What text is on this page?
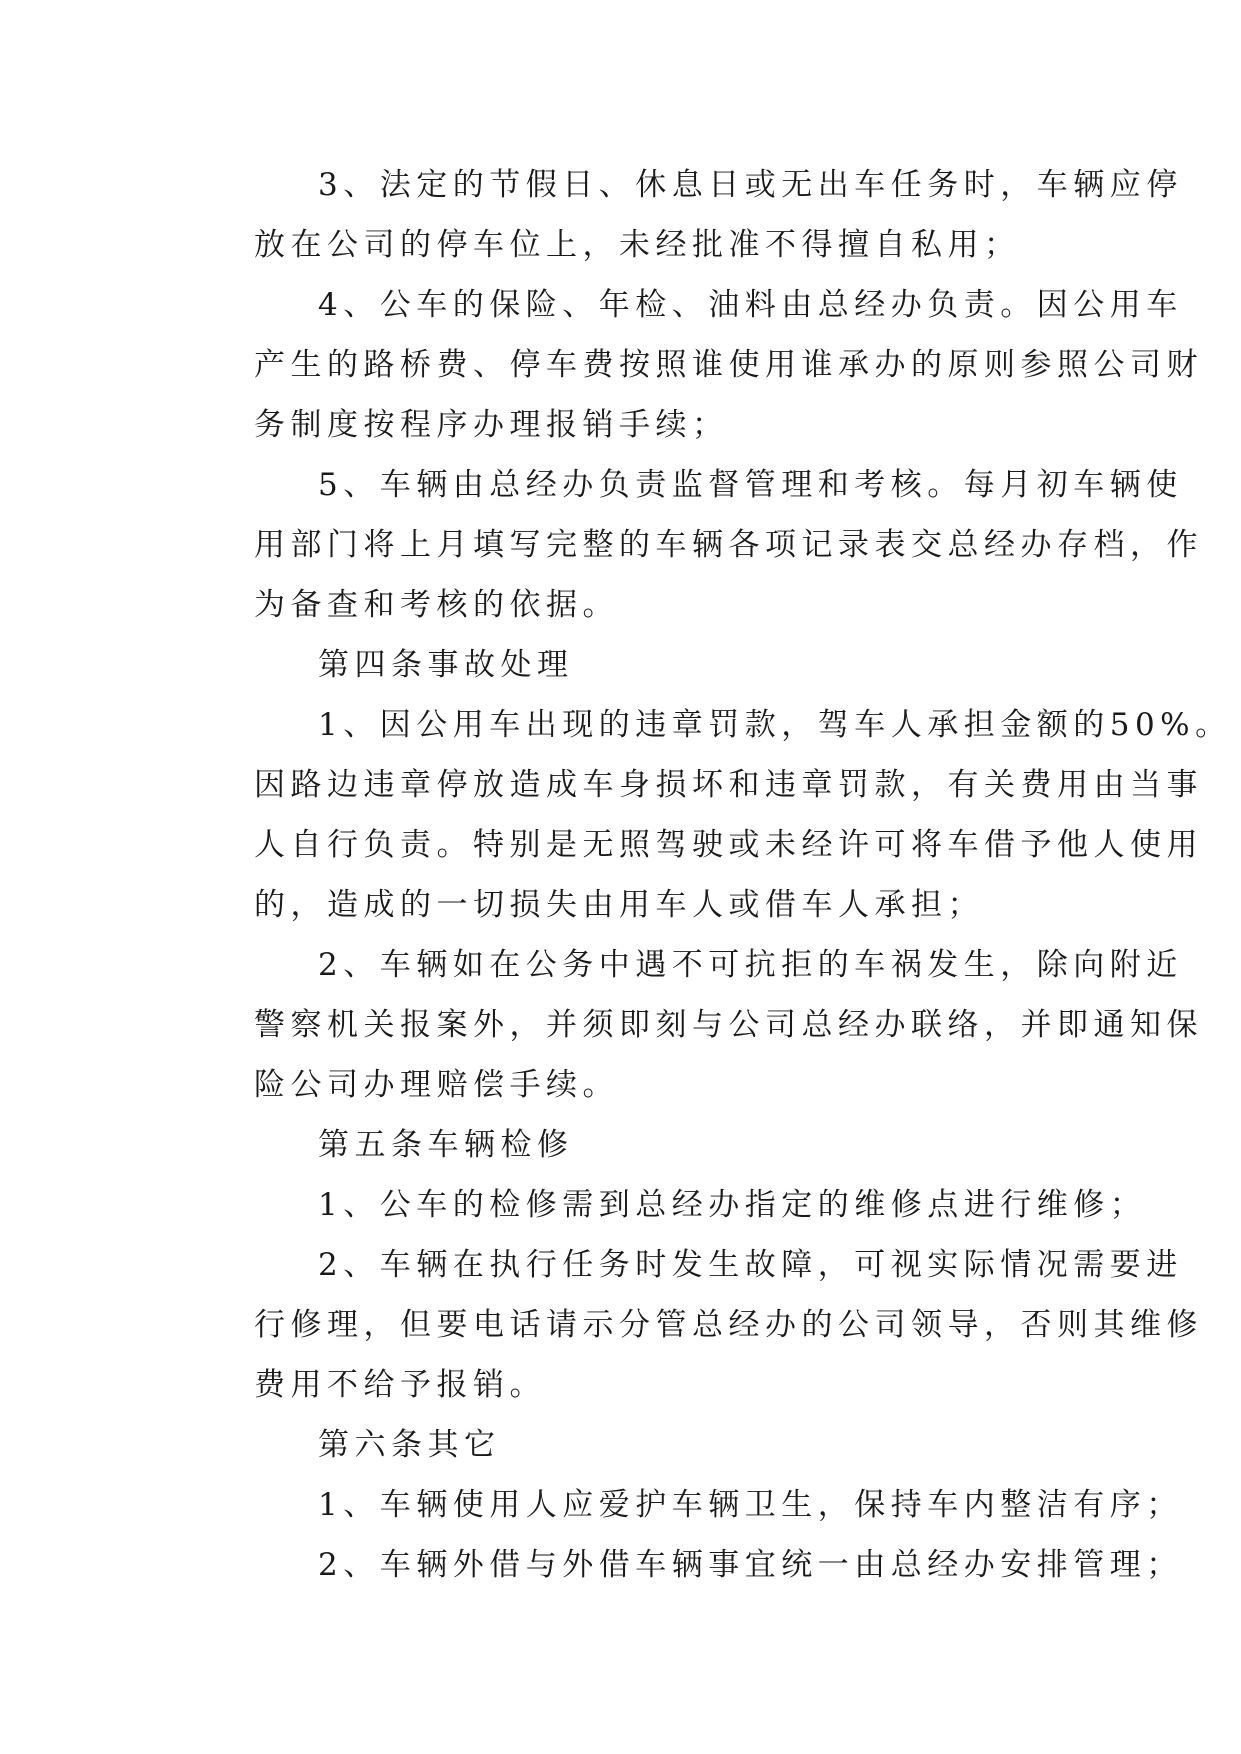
3、法定的节假日、休息日或无出车任务时，车辆应停
放在公司的停车位上，未经批准不得擅自私用；
4、公车的保险、年检、油料由总经办负责。因公用车
产生的路桥费、停车费按照谁使用谁承办的原则参照公司财
务制度按程序办理报销手续；
5、车辆由总经办负责监督管理和考核。每月初车辆使
用部门将上月填写完整的车辆各项记录表交总经办存档，作
为备查和考核的依据。
第四条事故处理
1、因公用车出现的违章罚款，驾车人承担金额的50%。
因路边违章停放造成车身损坏和违章罚款，有关费用由当事
人自行负责。特别是无照驾驶或未经许可将车借予他人使用
的，造成的一切损失由用车人或借车人承担；
2、车辆如在公务中遇不可抗拒的车祸发生，除向附近
警察机关报案外，并须即刻与公司总经办联络，并即通知保
险公司办理赔偿手续。
第五条车辆检修
1、公车的检修需到总经办指定的维修点进行维修；
2、车辆在执行任务时发生故障，可视实际情况需要进
行修理，但要电话请示分管总经办的公司领导，否则其维修
费用不给予报销。
第六条其它
1、车辆使用人应爱护车辆卫生，保持车内整洁有序；
2、车辆外借与外借车辆事宜统一由总经办安排管理；
